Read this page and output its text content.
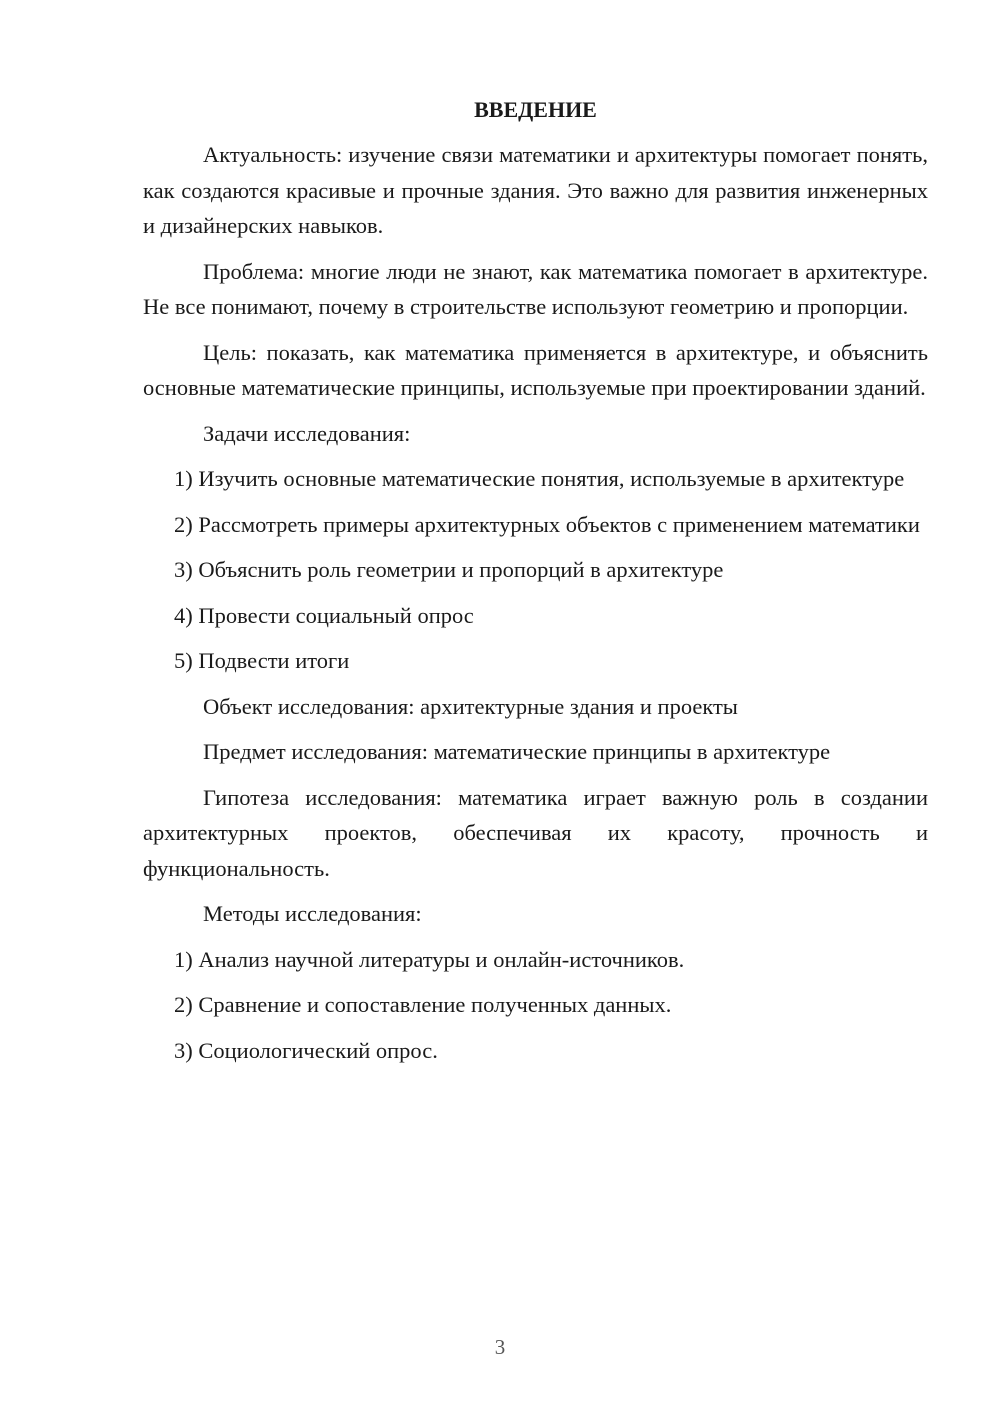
ВВЕДЕНИЕ

Актуальность: изучение связи математики и архитектуры помогает понять, как создаются красивые и прочные здания. Это важно для развития инженерных и дизайнерских навыков.

Проблема: многие люди не знают, как математика помогает в архитектуре. Не все понимают, почему в строительстве используют геометрию и пропорции.

Цель: показать, как математика применяется в архитектуре, и объяснить основные математические принципы, используемые при проектировании зданий.

Задачи исследования:

1) Изучить основные математические понятия, используемые в архитектуре

2) Рассмотреть примеры архитектурных объектов с применением математики

3) Объяснить роль геометрии и пропорций в архитектуре

4) Провести социальный опрос

5) Подвести итоги

Объект исследования: архитектурные здания и проекты

Предмет исследования: математические принципы в архитектуре

Гипотеза исследования: математика играет важную роль в создании архитектурных проектов, обеспечивая их красоту, прочность и функциональность.

Методы исследования:

1) Анализ научной литературы и онлайн-источников.

2) Сравнение и сопоставление полученных данных.

3) Социологический опрос.

3
